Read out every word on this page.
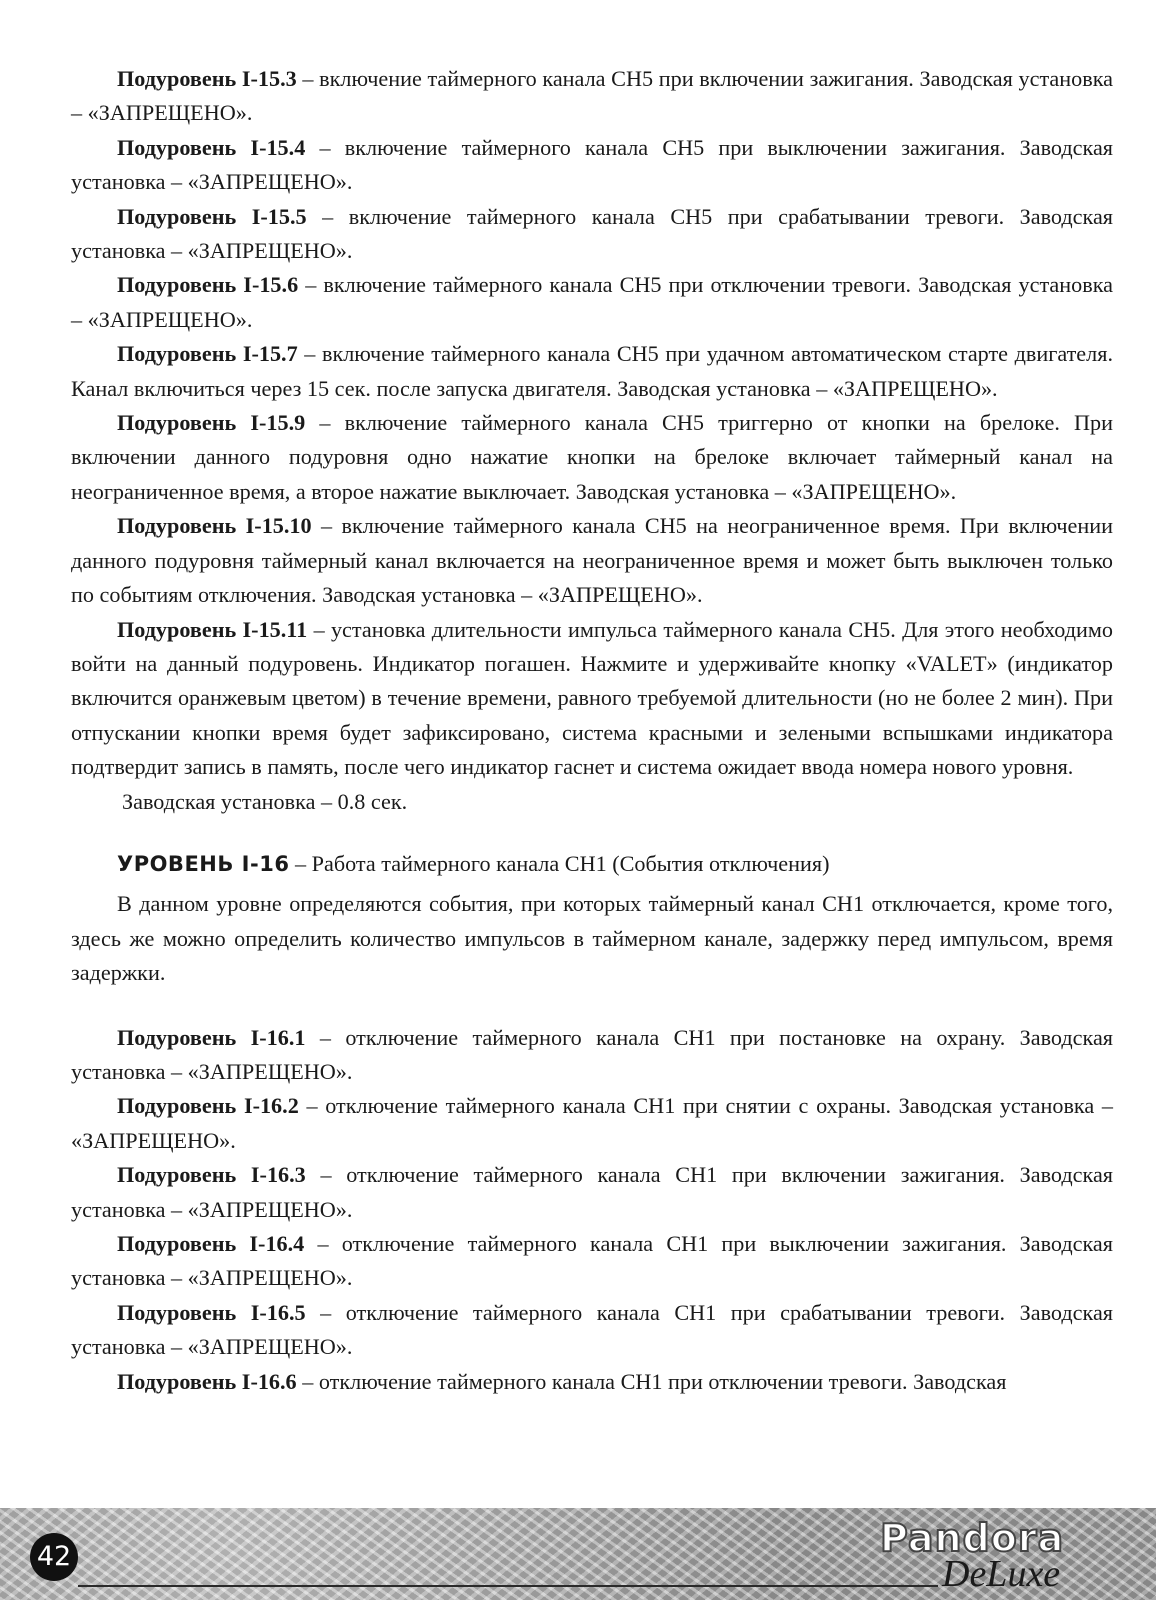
Подуровень I-15.3 – включение таймерного канала CH5 при включении зажигания. Заводская установка – «ЗАПРЕЩЕНО».

Подуровень I-15.4 – включение таймерного канала CH5 при выключении зажигания. Заводская установка – «ЗАПРЕЩЕНО».

Подуровень I-15.5 – включение таймерного канала CH5 при срабатывании тревоги. Заводская установка – «ЗАПРЕЩЕНО».

Подуровень I-15.6 – включение таймерного канала CH5 при отключении тревоги. Заводская установка – «ЗАПРЕЩЕНО».

Подуровень I-15.7 – включение таймерного канала CH5 при удачном автоматическом старте двигателя. Канал включиться через 15 сек. после запуска двигателя. Заводская установка – «ЗАПРЕЩЕНО».

Подуровень I-15.9 – включение таймерного канала CH5 триггерно от кнопки на брелоке. При включении данного подуровня одно нажатие кнопки на брелоке включает таймерный канал на неограниченное время, а второе нажатие выключает. Заводская установка – «ЗАПРЕЩЕНО».

Подуровень I-15.10 – включение таймерного канала CH5 на неограниченное время. При включении данного подуровня таймерный канал включается на неограниченное время и может быть выключен только по событиям отключения. Заводская установка – «ЗАПРЕЩЕНО».

Подуровень I-15.11 – установка длительности импульса таймерного канала CH5. Для этого необходимо войти на данный подуровень. Индикатор погашен. Нажмите и удерживайте кнопку «VALET» (индикатор включится оранжевым цветом) в течение времени, равного требуемой длительности (но не более 2 мин). При отпускании кнопки время будет зафиксировано, система красными и зелеными вспышками индикатора подтвердит запись в память, после чего индикатор гаснет и система ожидает ввода номера нового уровня.

Заводская установка – 0.8 сек.

УРОВЕНЬ I-16 – Работа таймерного канала CH1 (События отключения)

В данном уровне определяются события, при которых таймерный канал CH1 отключается, кроме того, здесь же можно определить количество импульсов в таймерном канале, задержку перед импульсом, время задержки.

Подуровень I-16.1 – отключение таймерного канала CH1 при постановке на охрану. Заводская установка – «ЗАПРЕЩЕНО».

Подуровень I-16.2 – отключение таймерного канала CH1 при снятии с охраны. Заводская установка – «ЗАПРЕЩЕНО».

Подуровень I-16.3 – отключение таймерного канала CH1 при включении зажигания. Заводская установка – «ЗАПРЕЩЕНО».

Подуровень I-16.4 – отключение таймерного канала CH1 при выключении зажигания. Заводская установка – «ЗАПРЕЩЕНО».

Подуровень I-16.5 – отключение таймерного канала CH1 при срабатывании тревоги. Заводская установка – «ЗАПРЕЩЕНО».

Подуровень I-16.6 – отключение таймерного канала CH1 при отключении тревоги. Заводская

42	Pandora
DeLuxe
